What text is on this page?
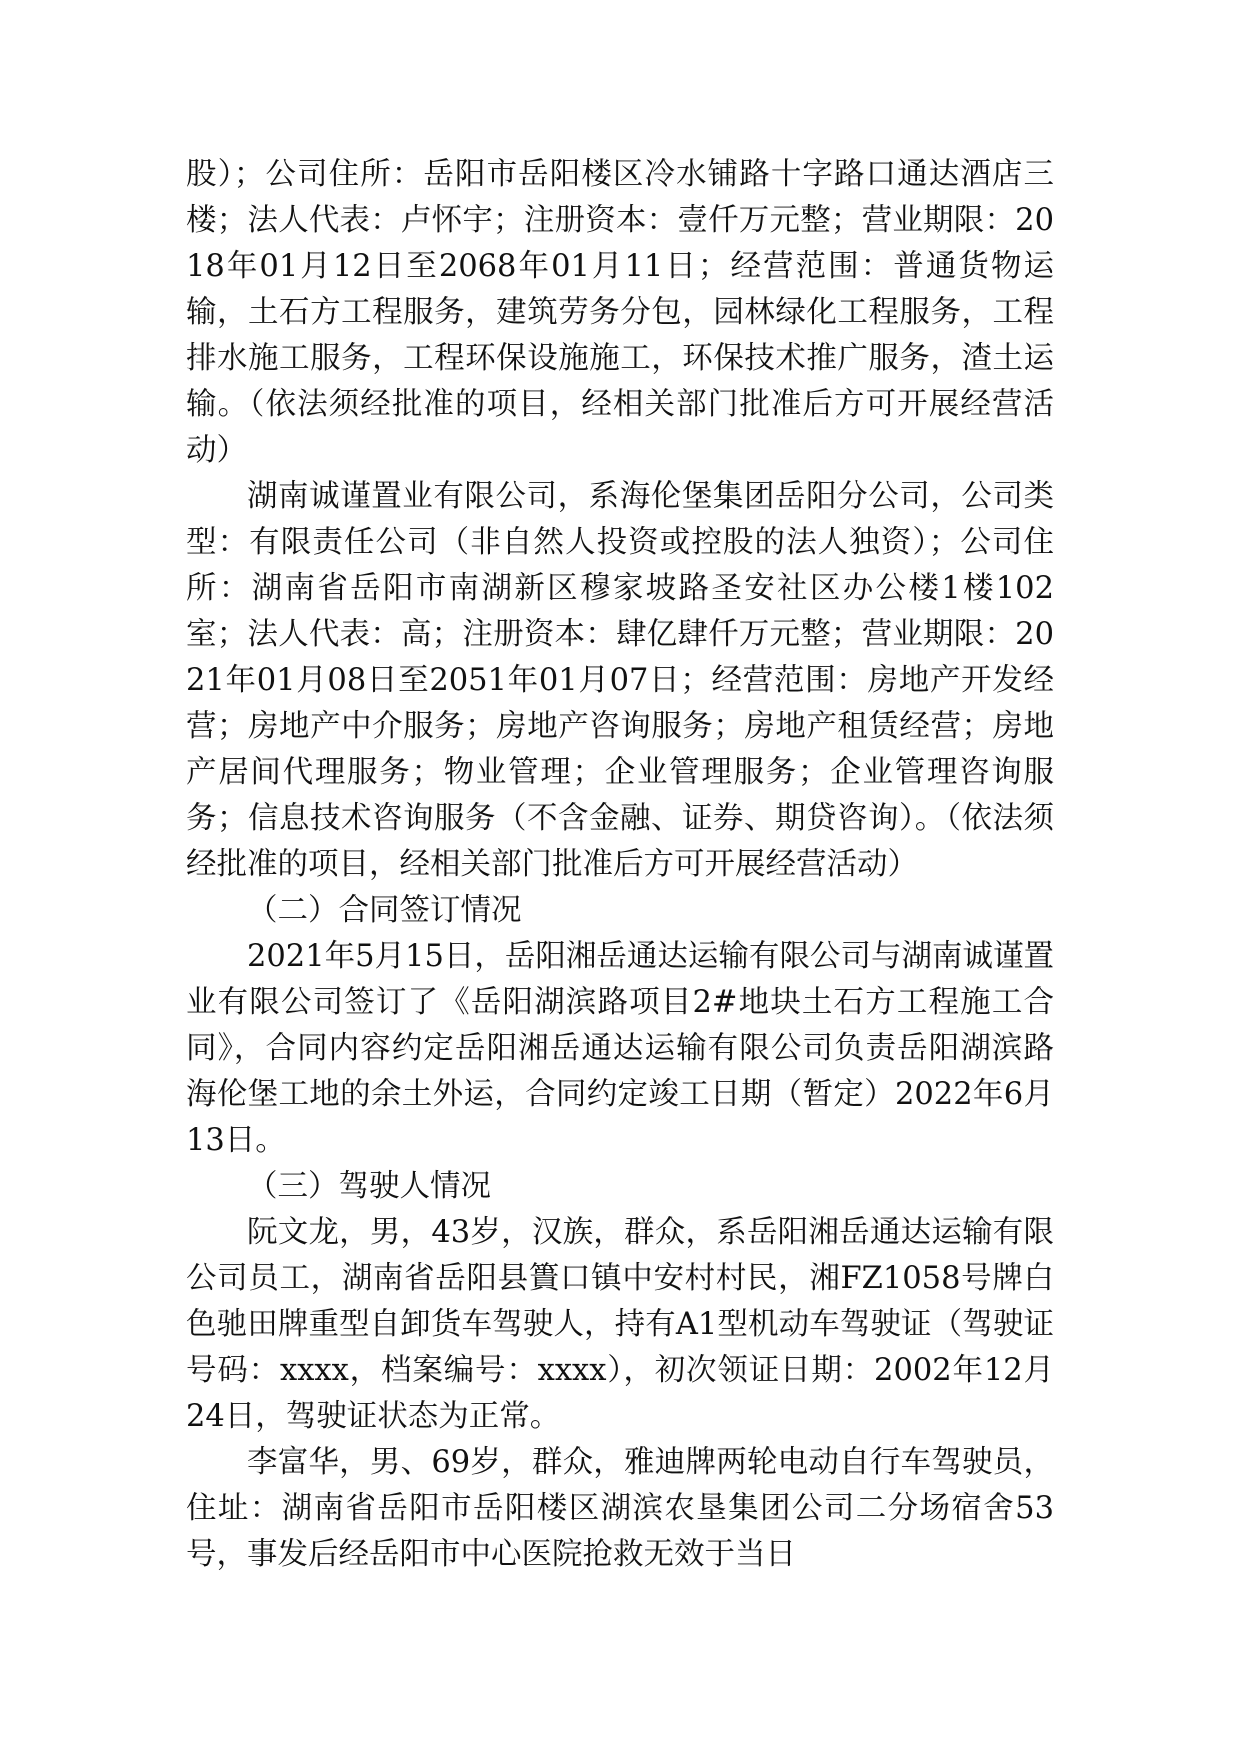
股）；公司住所：岳阳市岳阳楼区冷水铺路十字路口通达酒店三楼；法人代表：卢怀宇；注册资本：壹仟万元整；营业期限：2018年01月12日至2068年01月11日；经营范围：普通货物运输，土石方工程服务，建筑劳务分包，园林绿化工程服务，工程排水施工服务，工程环保设施施工，环保技术推广服务，渣土运输。（依法须经批准的项目，经相关部门批准后方可开展经营活动）

湖南诚谨置业有限公司，系海伦堡集团岳阳分公司，公司类型：有限责任公司（非自然人投资或控股的法人独资）；公司住所：湖南省岳阳市南湖新区穆家坡路圣安社区办公楼1楼102室；法人代表：高；注册资本：肆亿肆仟万元整；营业期限：2021年01月08日至2051年01月07日；经营范围：房地产开发经营；房地产中介服务；房地产咨询服务；房地产租赁经营；房地产居间代理服务；物业管理；企业管理服务；企业管理咨询服务；信息技术咨询服务（不含金融、证券、期贷咨询）。（依法须经批准的项目，经相关部门批准后方可开展经营活动）

（二）合同签订情况

2021年5月15日，岳阳湘岳通达运输有限公司与湖南诚谨置业有限公司签订了《岳阳湖滨路项目2#地块土石方工程施工合同》，合同内容约定岳阳湘岳通达运输有限公司负责岳阳湖滨路海伦堡工地的余土外运，合同约定竣工日期（暂定）2022年6月13日。

（三）驾驶人情况

阮文龙，男，43岁，汉族，群众，系岳阳湘岳通达运输有限公司员工，湖南省岳阳县簣口镇中安村村民，湘FZ1058号牌白色驰田牌重型自卸货车驾驶人，持有A1型机动车驾驶证（驾驶证号码：xxxx，档案编号：xxxx），初次领证日期：2002年12月24日，驾驶证状态为正常。

李富华，男、69岁，群众，雅迪牌两轮电动自行车驾驶员，住址：湖南省岳阳市岳阳楼区湖滨农垦集团公司二分场宿舍53号，事发后经岳阳市中心医院抢救无效于当日
